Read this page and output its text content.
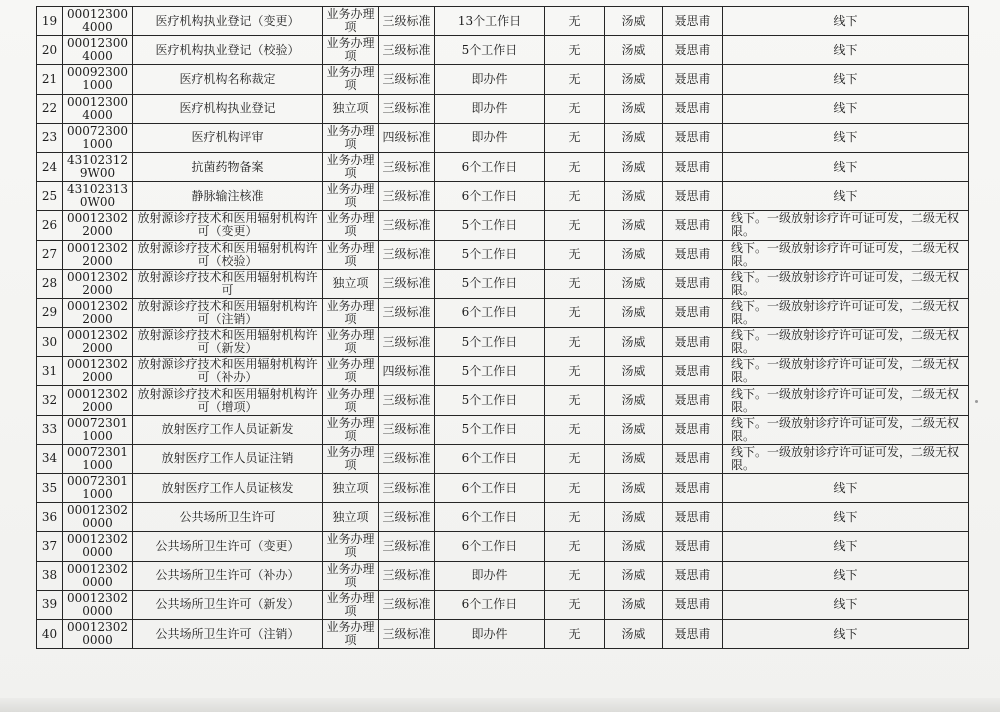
19	000123004000	医疗机构执业登记（变更）	业务办理项	三级标准	13个工作日	无	汤威	聂思甫	线下
20	000123004000	医疗机构执业登记（校验）	业务办理项	三级标准	5个工作日	无	汤威	聂思甫	线下
21	000923001000	医疗机构名称裁定	业务办理项	三级标准	即办件	无	汤威	聂思甫	线下
22	000123004000	医疗机构执业登记	独立项	三级标准	即办件	无	汤威	聂思甫	线下
23	000723001000	医疗机构评审	业务办理项	四级标准	即办件	无	汤威	聂思甫	线下
24	431023129W00	抗菌药物备案	业务办理项	三级标准	6个工作日	无	汤威	聂思甫	线下
25	431023130W00	静脉输注核准	业务办理项	三级标准	6个工作日	无	汤威	聂思甫	线下
26	000123022000	放射源诊疗技术和医用辐射机构许可（变更）	业务办理项	三级标准	5个工作日	无	汤威	聂思甫	线下。一级放射诊疗许可证可发，二级无权限。
27	000123022000	放射源诊疗技术和医用辐射机构许可（校验）	业务办理项	三级标准	5个工作日	无	汤威	聂思甫	线下。一级放射诊疗许可证可发，二级无权限。
28	000123022000	放射源诊疗技术和医用辐射机构许可	独立项	三级标准	5个工作日	无	汤威	聂思甫	线下。一级放射诊疗许可证可发，二级无权限。
29	000123022000	放射源诊疗技术和医用辐射机构许可（注销）	业务办理项	三级标准	6个工作日	无	汤威	聂思甫	线下。一级放射诊疗许可证可发，二级无权限。
30	000123022000	放射源诊疗技术和医用辐射机构许可（新发）	业务办理项	三级标准	5个工作日	无	汤威	聂思甫	线下。一级放射诊疗许可证可发，二级无权限。
31	000123022000	放射源诊疗技术和医用辐射机构许可（补办）	业务办理项	四级标准	5个工作日	无	汤威	聂思甫	线下。一级放射诊疗许可证可发，二级无权限。
32	000123022000	放射源诊疗技术和医用辐射机构许可（增项）	业务办理项	三级标准	5个工作日	无	汤威	聂思甫	线下。一级放射诊疗许可证可发，二级无权限。
33	000723011000	放射医疗工作人员证新发	业务办理项	三级标准	5个工作日	无	汤威	聂思甫	线下。一级放射诊疗许可证可发，二级无权限。
34	000723011000	放射医疗工作人员证注销	业务办理项	三级标准	6个工作日	无	汤威	聂思甫	线下。一级放射诊疗许可证可发，二级无权限。
35	000723011000	放射医疗工作人员证核发	独立项	三级标准	6个工作日	无	汤威	聂思甫	线下
36	000123020000	公共场所卫生许可	独立项	三级标准	6个工作日	无	汤威	聂思甫	线下
37	000123020000	公共场所卫生许可（变更）	业务办理项	三级标准	6个工作日	无	汤威	聂思甫	线下
38	000123020000	公共场所卫生许可（补办）	业务办理项	三级标准	即办件	无	汤威	聂思甫	线下
39	000123020000	公共场所卫生许可（新发）	业务办理项	三级标准	6个工作日	无	汤威	聂思甫	线下
40	000123020000	公共场所卫生许可（注销）	业务办理项	三级标准	即办件	无	汤威	聂思甫	线下
